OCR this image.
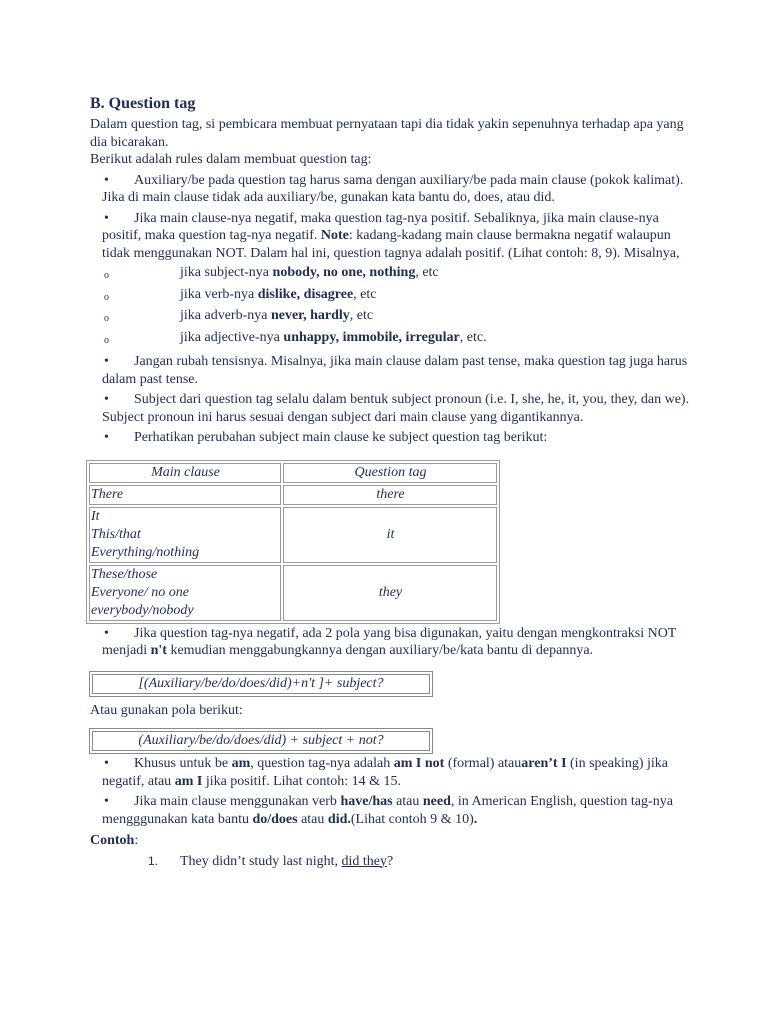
B. Question tag

Dalam question tag, si pembicara membuat pernyataan tapi dia tidak yakin sepenuhnya terhadap apa yang dia bicarakan.

Berikut adalah rules dalam membuat question tag:

•	Auxiliary/be pada question tag harus sama dengan auxiliary/be pada main clause (pokok kalimat). Jika di main clause tidak ada auxiliary/be, gunakan kata bantu do, does, atau did.
•	Jika main clause-nya negatif, maka question tag-nya positif. Sebaliknya, jika main clause-nya positif, maka question tag-nya negatif. Note: kadang-kadang main clause bermakna negatif walaupun tidak menggunakan NOT. Dalam hal ini, question tagnya adalah positif. (Lihat contoh: 8, 9). Misalnya,
o	jika subject-nya nobody, no one, nothing, etc
o	jika verb-nya dislike, disagree, etc
o	jika adverb-nya never, hardly, etc
o	jika adjective-nya unhappy, immobile, irregular, etc.
•	Jangan rubah tensisnya. Misalnya, jika main clause dalam past tense, maka question tag juga harus dalam past tense.
•	Subject dari question tag selalu dalam bentuk subject pronoun (i.e. I, she, he, it, you, they, dan we). Subject pronoun ini harus sesuai dengan subject dari main clause yang digantikannya.
•	Perhatikan perubahan subject main clause ke subject question tag berikut:
Main clause	Question tag

There	there

It
This/that
Everything/nothing	it

These/those
Everyone/ no one
everybody/nobody	they
•	Jika question tag-nya negatif, ada 2 pola yang bisa digunakan, yaitu dengan mengkontraksi NOT menjadi n't kemudian menggabungkannya dengan auxiliary/be/kata bantu di depannya.
[(Auxiliary/be/do/does/did)+n't ]+ subject?

Atau gunakan pola berikut:

(Auxiliary/be/do/does/did) + subject + not?
•	Khusus untuk be am, question tag-nya adalah am I not (formal) atauaren’t I (in speaking) jika negatif, atau am I jika positif. Lihat contoh: 14 & 15.
•	Jika main clause menggunakan verb have/has atau need, in American English, question tag-nya mengggunakan kata bantu do/does atau did.(Lihat contoh 9 & 10).

Contoh:

1. They didn’t study last night, did they?
